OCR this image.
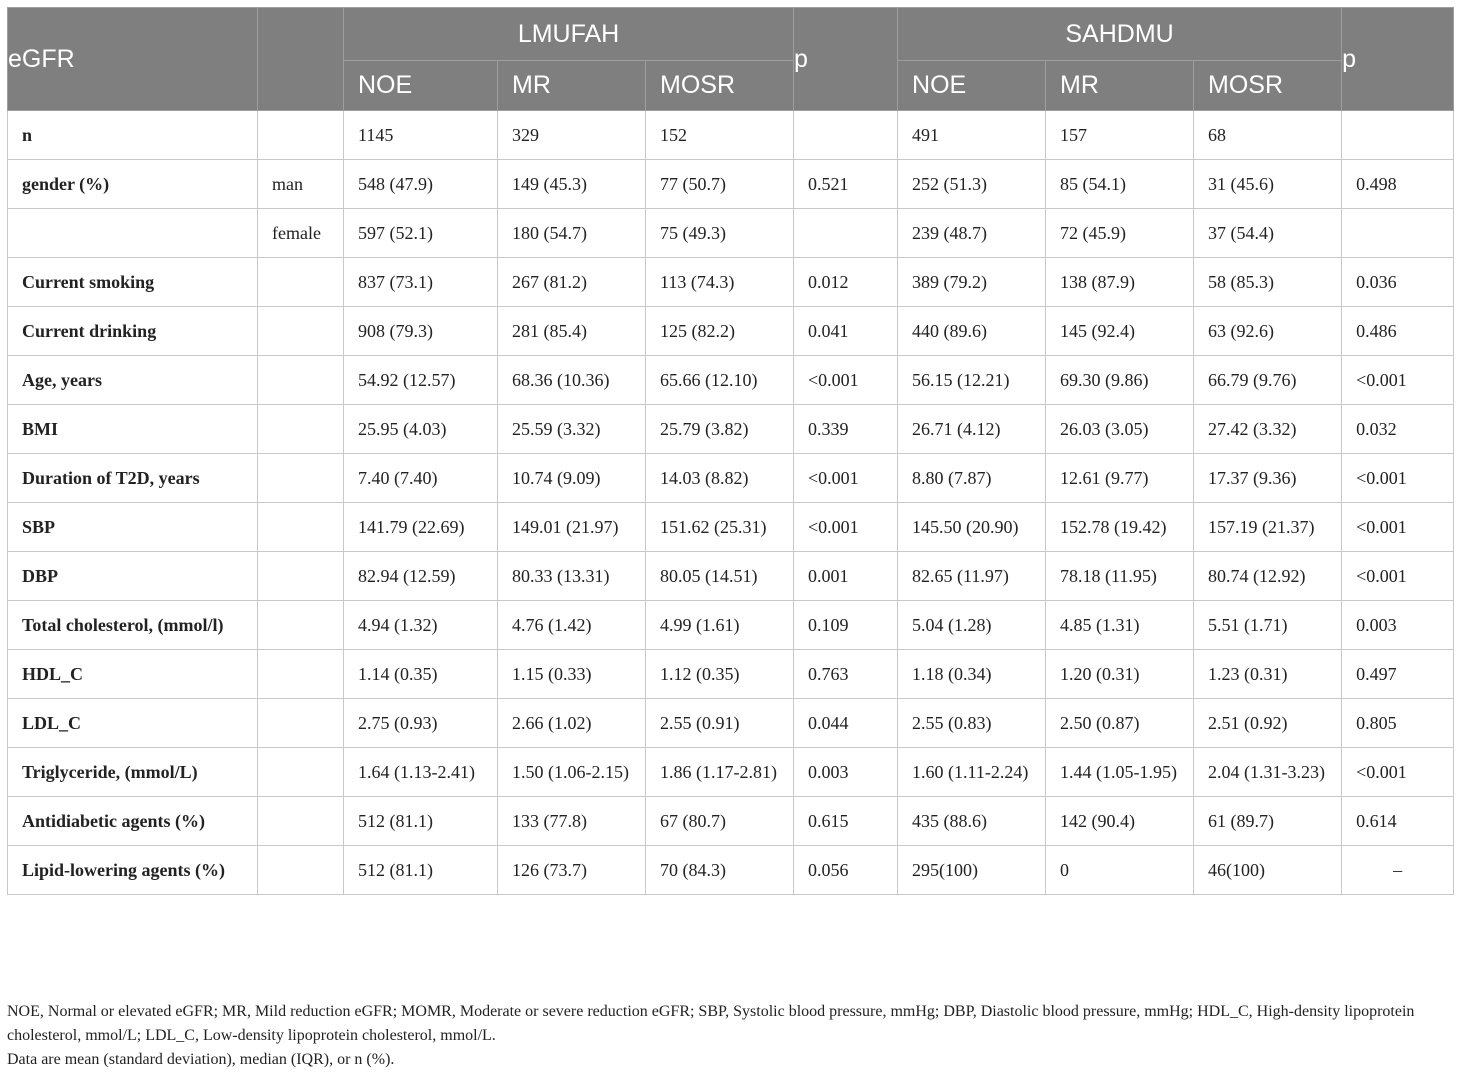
eGFR		LMUFAH			p	SAHDMU			p
		NOE	MR	MOSR		NOE	MR	MOSR	
n		1145	329	152		491	157	68	
gender (%)	man	548 (47.9)	149 (45.3)	77 (50.7)	0.521	252 (51.3)	85 (54.1)	31 (45.6)	0.498
	female	597 (52.1)	180 (54.7)	75 (49.3)		239 (48.7)	72 (45.9)	37 (54.4)	
Current smoking		837 (73.1)	267 (81.2)	113 (74.3)	0.012	389 (79.2)	138 (87.9)	58 (85.3)	0.036
Current drinking		908 (79.3)	281 (85.4)	125 (82.2)	0.041	440 (89.6)	145 (92.4)	63 (92.6)	0.486
Age, years		54.92 (12.57)	68.36 (10.36)	65.66 (12.10)	<0.001	56.15 (12.21)	69.30 (9.86)	66.79 (9.76)	<0.001
BMI		25.95 (4.03)	25.59 (3.32)	25.79 (3.82)	0.339	26.71 (4.12)	26.03 (3.05)	27.42 (3.32)	0.032
Duration of T2D, years		7.40 (7.40)	10.74 (9.09)	14.03 (8.82)	<0.001	8.80 (7.87)	12.61 (9.77)	17.37 (9.36)	<0.001
SBP		141.79 (22.69)	149.01 (21.97)	151.62 (25.31)	<0.001	145.50 (20.90)	152.78 (19.42)	157.19 (21.37)	<0.001
DBP		82.94 (12.59)	80.33 (13.31)	80.05 (14.51)	0.001	82.65 (11.97)	78.18 (11.95)	80.74 (12.92)	<0.001
Total cholesterol, (mmol/l)		4.94 (1.32)	4.76 (1.42)	4.99 (1.61)	0.109	5.04 (1.28)	4.85 (1.31)	5.51 (1.71)	0.003
HDL_C		1.14 (0.35)	1.15 (0.33)	1.12 (0.35)	0.763	1.18 (0.34)	1.20 (0.31)	1.23 (0.31)	0.497
LDL_C		2.75 (0.93)	2.66 (1.02)	2.55 (0.91)	0.044	2.55 (0.83)	2.50 (0.87)	2.51 (0.92)	0.805
Triglyceride, (mmol/L)		1.64 (1.13-2.41)	1.50 (1.06-2.15)	1.86 (1.17-2.81)	0.003	1.60 (1.11-2.24)	1.44 (1.05-1.95)	2.04 (1.31-3.23)	<0.001
Antidiabetic agents (%)		512 (81.1)	133 (77.8)	67 (80.7)	0.615	435 (88.6)	142 (90.4)	61 (89.7)	0.614
Lipid-lowering agents (%)		512 (81.1)	126 (73.7)	70 (84.3)	0.056	295(100)	0	46(100)	–

NOE, Normal or elevated eGFR; MR, Mild reduction eGFR; MOMR, Moderate or severe reduction eGFR; SBP, Systolic blood pressure, mmHg; DBP, Diastolic blood pressure, mmHg; HDL_C, High-density lipoprotein cholesterol, mmol/L; LDL_C, Low-density lipoprotein cholesterol, mmol/L.

Data are mean (standard deviation), median (IQR), or n (%).
